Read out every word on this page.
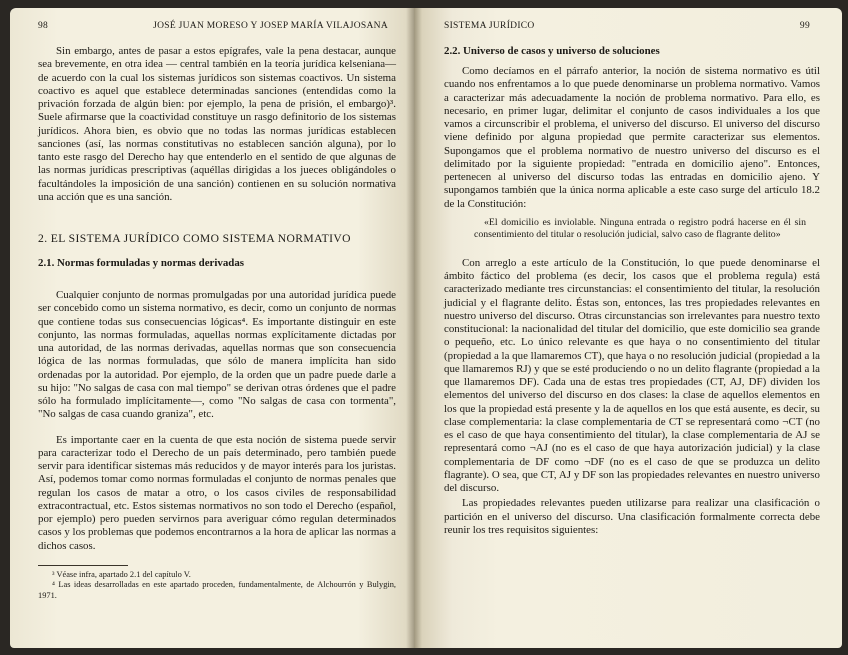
98	JOSÉ JUAN MORESO Y JOSEP MARÍA VILAJOSANA

Sin embargo, antes de pasar a estos epígrafes, vale la pena destacar, aunque sea brevemente, en otra idea — central también en la teoría jurídica kelseniana— de acuerdo con la cual los sistemas jurídicos son sistemas coactivos. Un sistema coactivo es aquel que establece determinadas sanciones (entendidas como la privación forzada de algún bien: por ejemplo, la pena de prisión, el embargo)³. Suele afirmarse que la coactividad constituye un rasgo definitorio de los sistemas jurídicos. Ahora bien, es obvio que no todas las normas jurídicas establecen sanciones (así, las normas constitutivas no establecen sanción alguna), por lo tanto este rasgo del Derecho hay que entenderlo en el sentido de que algunas de las normas jurídicas prescriptivas (aquéllas dirigidas a los jueces obligándoles o facultándoles la imposición de una sanción) contienen en su solución normativa una acción que es una sanción.

2. EL SISTEMA JURÍDICO COMO SISTEMA NORMATIVO
2.1. Normas formuladas y normas derivadas

Cualquier conjunto de normas promulgadas por una autoridad jurídica puede ser concebido como un sistema normativo, es decir, como un conjunto de normas que contiene todas sus consecuencias lógicas⁴. Es importante distinguir en este conjunto, las normas formuladas, aquellas normas explícitamente dictadas por una autoridad, de las normas derivadas, aquellas normas que son consecuencia lógica de las normas formuladas, que sólo de manera implícita han sido ordenadas por la autoridad. Por ejemplo, de la orden que un padre puede darle a su hijo: "No salgas de casa con mal tiempo" se derivan otras órdenes que el padre sólo ha formulado implícitamente—, como "No salgas de casa con tormenta", "No salgas de casa cuando graniza", etc.

Es importante caer en la cuenta de que esta noción de sistema puede servir para caracterizar todo el Derecho de un país determinado, pero también puede servir para identificar sistemas más reducidos y de mayor interés para los juristas. Así, podemos tomar como normas formuladas el conjunto de normas penales que regulan los casos de matar a otro, o los casos civiles de responsabilidad extracontractual, etc. Estos sistemas normativos no son todo el Derecho (español, por ejemplo) pero pueden servirnos para averiguar cómo regulan determinados casos y los problemas que podemos encontrarnos a la hora de aplicar las normas a dichos casos.

³ Véase infra, apartado 2.1 del capítulo V.

⁴ Las ideas desarrolladas en este apartado proceden, fundamentalmente, de Alchourrón y Bulygin, 1971.

SISTEMA JURÍDICO	99
2.2. Universo de casos y universo de soluciones

Como decíamos en el párrafo anterior, la noción de sistema normativo es útil cuando nos enfrentamos a lo que puede denominarse un problema normativo. Vamos a caracterizar más adecuadamente la noción de problema normativo. Para ello, es necesario, en primer lugar, delimitar el conjunto de casos individuales a los que vamos a circunscribir el problema, el universo del discurso. El universo del discurso viene definido por alguna propiedad que permite caracterizar sus elementos. Supongamos que el problema normativo de nuestro universo del discurso es el delimitado por la siguiente propiedad: "entrada en domicilio ajeno". Entonces, pertenecen al universo del discurso todas las entradas en domicilio ajeno. Y supongamos también que la única norma aplicable a este caso surge del artículo 18.2 de la Constitución:

«El domicilio es inviolable. Ninguna entrada o registro podrá hacerse en él sin consentimiento del titular o resolución judicial, salvo caso de flagrante delito»

Con arreglo a este artículo de la Constitución, lo que puede denominarse el ámbito fáctico del problema (es decir, los casos que el problema regula) está caracterizado mediante tres circunstancias: el consentimiento del titular, la resolución judicial y el flagrante delito. Éstas son, entonces, las tres propiedades relevantes en nuestro universo del discurso. Otras circunstancias son irrelevantes para nuestro texto constitucional: la nacionalidad del titular del domicilio, que este domicilio sea grande o pequeño, etc. Lo único relevante es que haya o no consentimiento del titular (propiedad a la que llamaremos CT), que haya o no resolución judicial (propiedad a la que llamaremos RJ) y que se esté produciendo o no un delito flagrante (propiedad a la que llamaremos DF). Cada una de estas tres propiedades (CT, AJ, DF) dividen los elementos del universo del discurso en dos clases: la clase de aquellos elementos en los que la propiedad está presente y la de aquellos en los que está ausente, es decir, su clase complementaria: la clase complementaria de CT se representará como ¬CT (no es el caso de que haya consentimiento del titular), la clase complementaria de AJ se representará como ¬AJ (no es el caso de que haya autorización judicial) y la clase complementaria de DF como ¬DF (no es el caso de que se produzca un delito flagrante). O sea, que CT, AJ y DF son las propiedades relevantes en nuestro universo del discurso.

Las propiedades relevantes pueden utilizarse para realizar una clasificación o partición en el universo del discurso. Una clasificación formalmente correcta debe reunir los tres requisitos siguientes:
